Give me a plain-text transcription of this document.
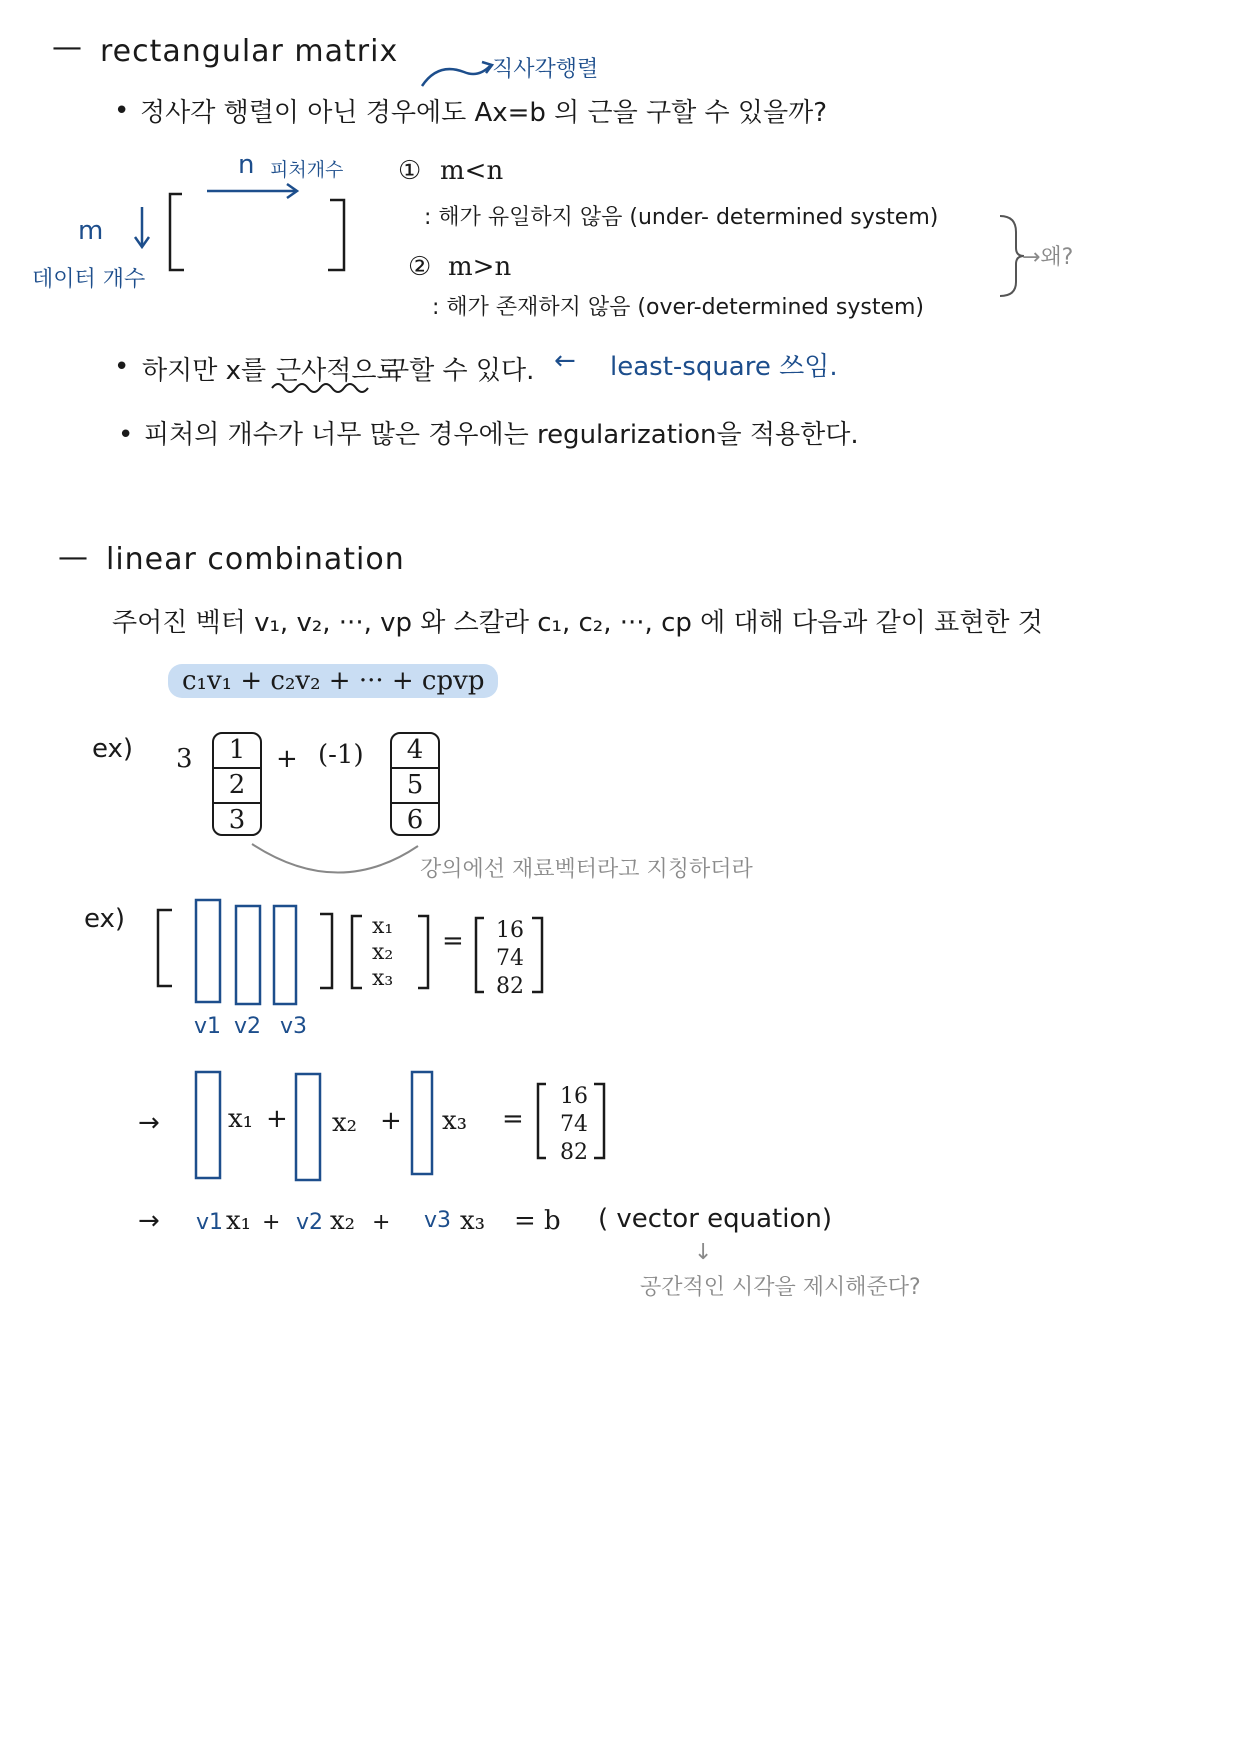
— rectangular matrix
직사각행렬
• 정사각 행렬이 아닌 경우에도 Ax=b 의 근을 구할 수 있을까?
n 피처개수
m
데이터 개수
① m<n
: 해가 유일하지 않음 (under- determined system)
② m>n
: 해가 존재하지 않음 (over-determined system)
→왜?
• 하지만 x를 근사적으로
구할 수 있다. ← least-square 쓰임.
• 피처의 개수가 너무 많은 경우에는 regularization을 적용한다.
— linear combination
주어진 벡터 v₁, v₂, ···, vp 와 스칼라 c₁, c₂, ···, cp 에 대해 다음과 같이 표현한 것
c₁v₁ + c₂v₂ + ··· + cpvp
ex) 3	1
2
3
+ (-1)	4
5
6
강의에선 재료벡터라고 지칭하더라
ex)
v1 v2 v3
x₁
x₂
x₃
= 16
74
82
→	x₁ + x₂ + x₃ =
16
74
82
→ v1 x₁ + v2 x₂ + v3 x₃ = b ( vector equation)
↓
공간적인 시각을 제시해준다?
